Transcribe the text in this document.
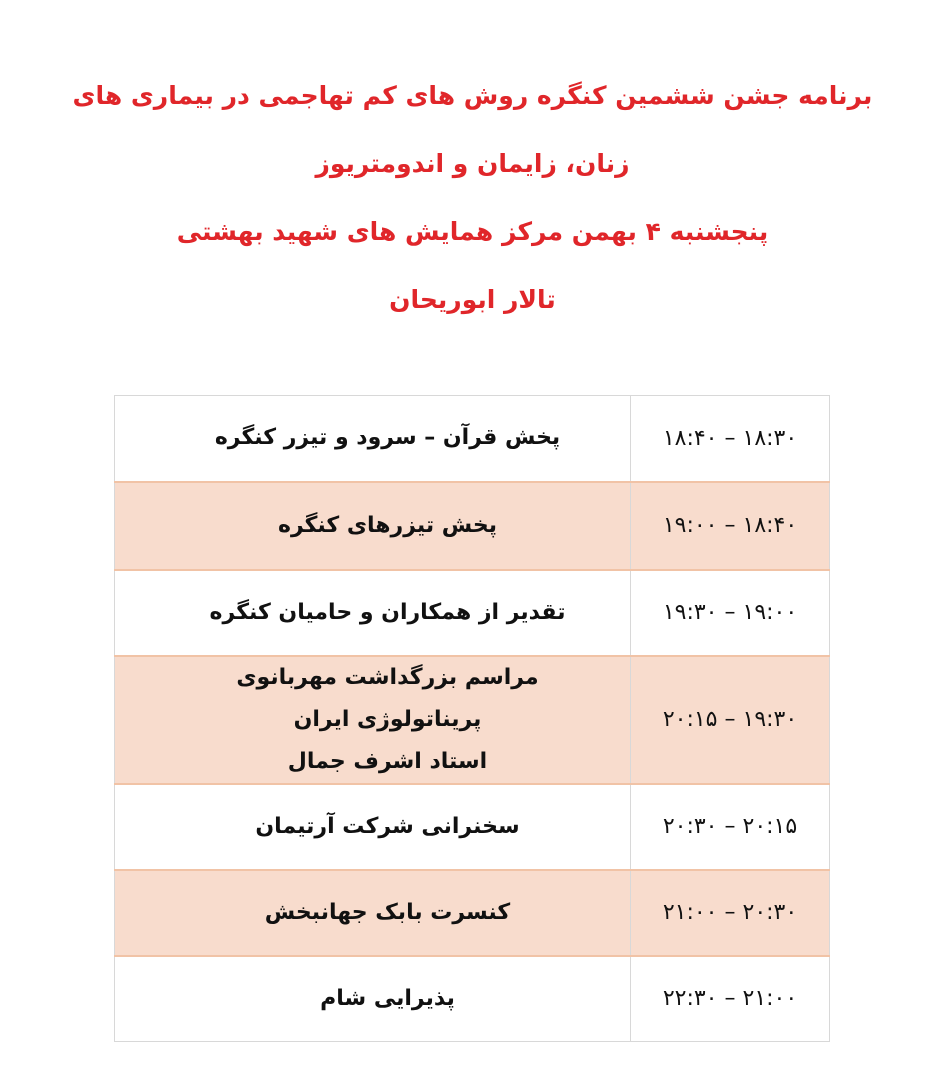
برنامه جشن ششمین کنگره روش های کم تهاجمی در بیماری های
زنان، زایمان و اندومتریوز
پنجشنبه ۴ بهمن مرکز همایش های شهید بهشتی
تالار ابوریحان
۱۸:۳۰ – ۱۸:۴۰	پخش قرآن – سرود و تیزر کنگره
۱۸:۴۰ – ۱۹:۰۰	پخش تیزرهای کنگره
۱۹:۰۰ – ۱۹:۳۰	تقدیر از همکاران و حامیان کنگره
۱۹:۳۰ – ۲۰:۱۵	مراسم بزرگداشت مهربانوی پریناتولوژی ایران
استاد اشرف جمال

۲۰:۱۵ – ۲۰:۳۰	سخنرانی شرکت آرتیمان
۲۰:۳۰ – ۲۱:۰۰	کنسرت بابک جهانبخش
۲۱:۰۰ – ۲۲:۳۰	پذیرایی شام
